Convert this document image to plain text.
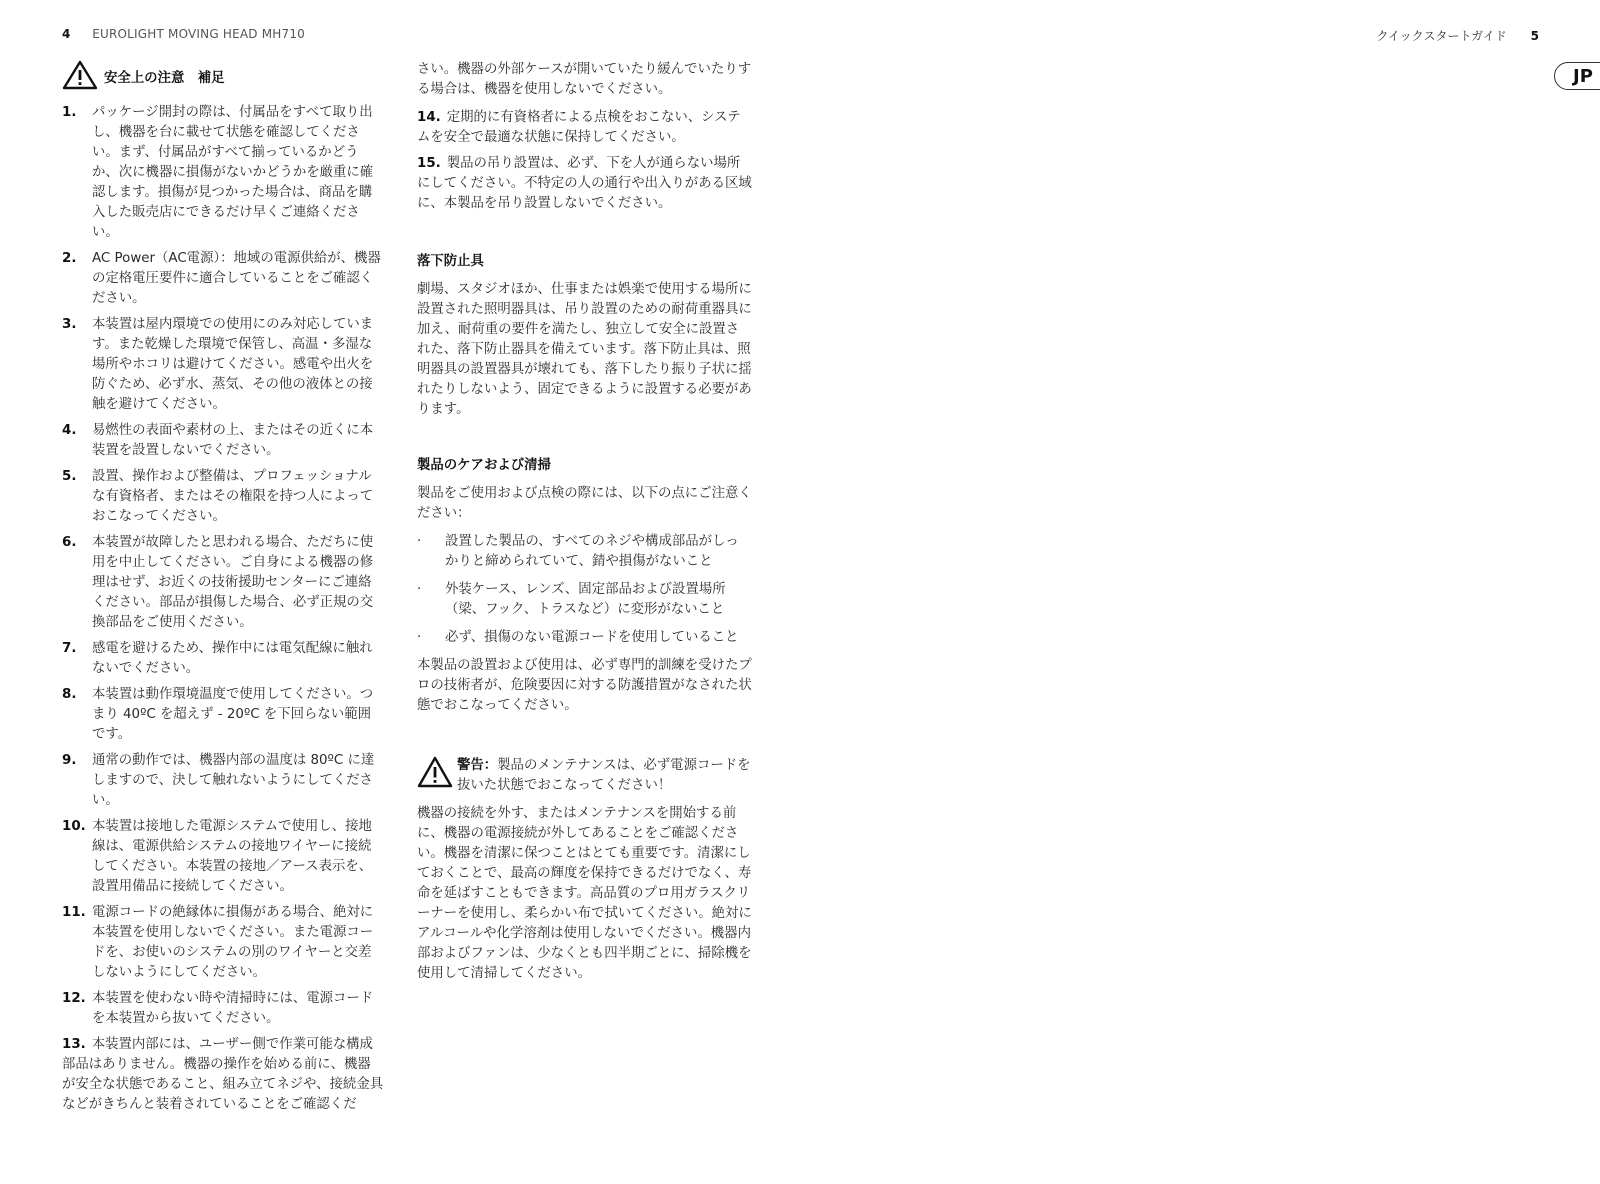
4 EUROLIGHT MOVING HEAD MH710	クイックスタートガイド 5
JP
安全上の注意　補足
1.	パッケージ開封の際は、付属品をすべて取り出し、機器を台に載せて状態を確認してください。まず、付属品がすべて揃っているかどうか、次に機器に損傷がないかどうかを厳重に確認します。損傷が見つかった場合は、商品を購入した販売店にできるだけ早くご連絡ください。
2.	AC Power（AC電源）：地域の電源供給が、機器の定格電圧要件に適合していることをご確認ください。
3.	本装置は屋内環境での使用にのみ対応しています。また乾燥した環境で保管し、高温・多湿な場所やホコリは避けてください。感電や出火を防ぐため、必ず水、蒸気、その他の液体との接触を避けてください。
4.	易燃性の表面や素材の上、またはその近くに本装置を設置しないでください。
5.	設置、操作および整備は、プロフェッショナルな有資格者、またはその権限を持つ人によっておこなってください。
6.	本装置が故障したと思われる場合、ただちに使用を中止してください。ご自身による機器の修理はせず、お近くの技術援助センターにご連絡ください。部品が損傷した場合、必ず正規の交換部品をご使用ください。
7.	感電を避けるため、操作中には電気配線に触れないでください。
8.	本装置は動作環境温度で使用してください。つまり 40ºC を超えず - 20ºC を下回らない範囲です。
9.	通常の動作では、機器内部の温度は 80ºC に達しますので、決して触れないようにしてください。
10. 本装置は接地した電源システムで使用し、接地線は、電源供給システムの接地ワイヤーに接続してください。本装置の接地／アース表示を、設置用備品に接続してください。
11. 電源コードの絶縁体に損傷がある場合、絶対に本装置を使用しないでください。また電源コードを、お使いのシステムの別のワイヤーと交差しないようにしてください。
12. 本装置を使わない時や清掃時には、電源コードを本装置から抜いてください。
13. 本装置内部には、ユーザー側で作業可能な構成部品はありません。機器の操作を始める前に、機器が安全な状態であること、組み立てネジや、接続金具などがきちんと装着されていることをご確認くだ
さい。機器の外部ケースが開いていたり緩んでいたりする場合は、機器を使用しないでください。
14. 定期的に有資格者による点検をおこない、システムを安全で最適な状態に保持してください。
15. 製品の吊り設置は、必ず、下を人が通らない場所にしてください。不特定の人の通行や出入りがある区域に、本製品を吊り設置しないでください。
落下防止具
劇場、スタジオほか、仕事または娯楽で使用する場所に設置された照明器具は、吊り設置のための耐荷重器具に加え、耐荷重の要件を満たし、独立して安全に設置された、落下防止器具を備えています。落下防止具は、照明器具の設置器具が壊れても、落下したり振り子状に揺れたりしないよう、固定できるように設置する必要があります。
製品のケアおよび清掃
製品をご使用および点検の際には、以下の点にご注意ください：
·	設置した製品の、すべてのネジや構成部品がしっかりと締められていて、錆や損傷がないこと
·	外装ケース、レンズ、固定部品および設置場所（梁、フック、トラスなど）に変形がないこと
·	必ず、損傷のない電源コードを使用していること
本製品の設置および使用は、必ず専門的訓練を受けたプロの技術者が、危険要因に対する防護措置がなされた状態でおこなってください。
警告：製品のメンテナンスは、必ず電源コードを抜いた状態でおこなってください！
機器の接続を外す、またはメンテナンスを開始する前に、機器の電源接続が外してあることをご確認ください。機器を清潔に保つことはとても重要です。清潔にしておくことで、最高の輝度を保持できるだけでなく、寿命を延ばすこともできます。高品質のプロ用ガラスクリーナーを使用し、柔らかい布で拭いてください。絶対にアルコールや化学溶剤は使用しないでください。機器内部およびファンは、少なくとも四半期ごとに、掃除機を使用して清掃してください。
